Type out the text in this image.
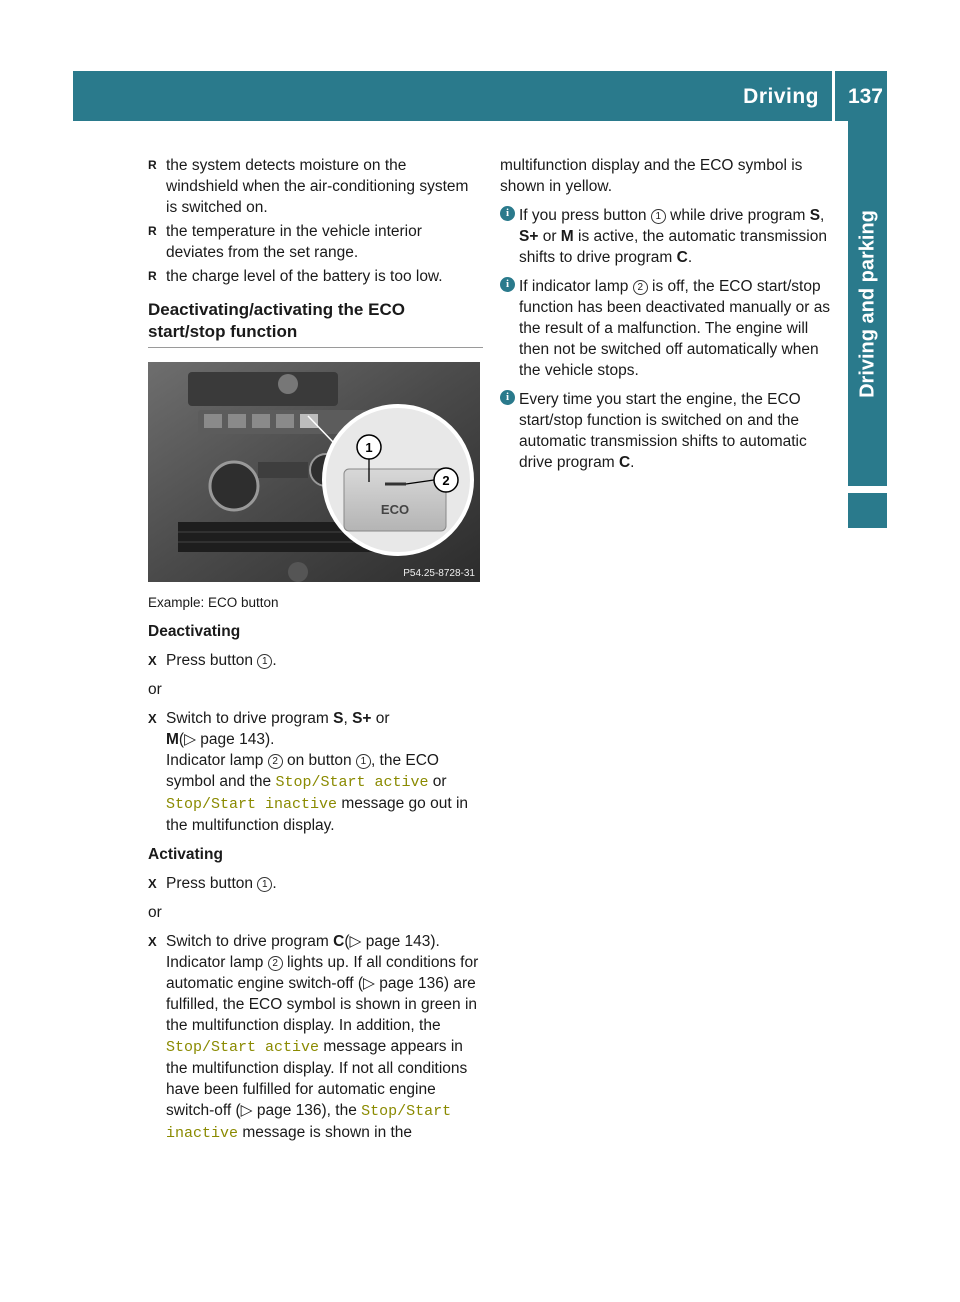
Driving 137
Driving and parking
R the system detects moisture on the windshield when the air-conditioning system is switched on.
R the temperature in the vehicle interior deviates from the set range.
R the charge level of the battery is too low.
Deactivating/activating the ECO start/stop function
ECO
1
2
P54.25-8728-31
Example: ECO button
Deactivating
X Press button 1 .
or
X Switch to drive program S, S+ or
M(▷ page 143).
Indicator lamp 2 on button 1 , the ECO symbol and the Stop/Start active or Stop/Start inactive message go out in the multifunction display.
Activating
X Press button 1 .
or
X Switch to drive program C(▷ page 143).
Indicator lamp 2 lights up. If all conditions for automatic engine switch-off (▷ page 136) are fulfilled, the ECO symbol is shown in green in the multifunction display. In addition, the Stop/Start active message appears in the multifunction display. If not all conditions have been fulfilled for automatic engine switch-off (▷ page 136), the Stop/Start inactive message is shown in the

multifunction display and the ECO symbol is shown in yellow.

i If you press button 1 while drive program S, S+ or M is active, the automatic transmission shifts to drive program C.
i If indicator lamp 2 is off, the ECO start/stop function has been deactivated manually or as the result of a malfunction. The engine will then not be switched off automatically when the vehicle stops.
i Every time you start the engine, the ECO start/stop function is switched on and the automatic transmission shifts to automatic drive program C.
